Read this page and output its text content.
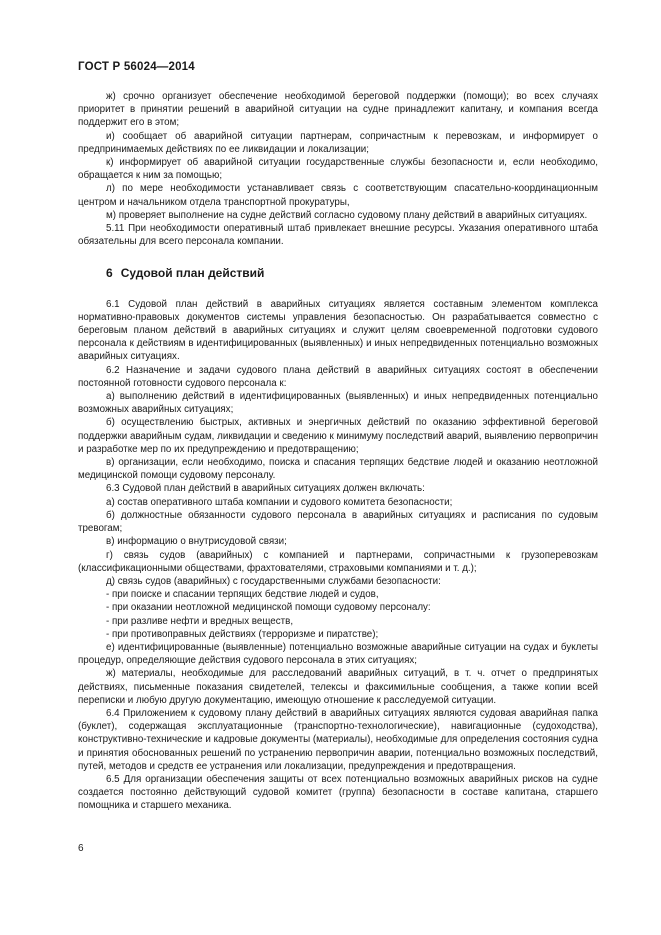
ГОСТ Р 56024—2014

ж) срочно организует обеспечение необходимой береговой поддержки (помощи); во всех случаях приоритет в принятии решений в аварийной ситуации на судне принадлежит капитану, и компания всегда поддержит его в этом;

и) сообщает об аварийной ситуации партнерам, сопричастным к перевозкам, и информирует о предпринимаемых действиях по ее ликвидации и локализации;

к) информирует об аварийной ситуации государственные службы безопасности и, если необходимо, обращается к ним за помощью;

л) по мере необходимости устанавливает связь с соответствующим спасательно-координационным центром и начальником отдела транспортной прокуратуры,

м) проверяет выполнение на судне действий согласно судовому плану действий в аварийных ситуациях.

5.11 При необходимости оперативный штаб привлекает внешние ресурсы. Указания оперативного штаба обязательны для всего персонала компании.

6 Судовой план действий

6.1 Судовой план действий в аварийных ситуациях является составным элементом комплекса нормативно-правовых документов системы управления безопасностью. Он разрабатывается совместно с береговым планом действий в аварийных ситуациях и служит целям своевременной подготовки судового персонала к действиям в идентифицированных (выявленных) и иных непредвиденных потенциально возможных аварийных ситуациях.

6.2 Назначение и задачи судового плана действий в аварийных ситуациях состоят в обеспечении постоянной готовности судового персонала к:

а) выполнению действий в идентифицированных (выявленных) и иных непредвиденных потенциально возможных аварийных ситуациях;

б) осуществлению быстрых, активных и энергичных действий по оказанию эффективной береговой поддержки аварийным судам, ликвидации и сведению к минимуму последствий аварий, выявлению первопричин и разработке мер по их предупреждению и предотвращению;

в) организации, если необходимо, поиска и спасания терпящих бедствие людей и оказанию неотложной медицинской помощи судовому персоналу.

6.3 Судовой план действий в аварийных ситуациях должен включать:

а) состав оперативного штаба компании и судового комитета безопасности;

б) должностные обязанности судового персонала в аварийных ситуациях и расписания по судовым тревогам;

в) информацию о внутрисудовой связи;

г) связь судов (аварийных) с компанией и партнерами, сопричастными к грузоперевозкам (классификационными обществами, фрахтователями, страховыми компаниями и т. д.);

д) связь судов (аварийных) с государственными службами безопасности:

- при поиске и спасании терпящих бедствие людей и судов,

- при оказании неотложной медицинской помощи судовому персоналу:

- при разливе нефти и вредных веществ,

- при противоправных действиях (терроризме и пиратстве);

е) идентифицированные (выявленные) потенциально возможные аварийные ситуации на судах и буклеты процедур, определяющие действия судового персонала в этих ситуациях;

ж) материалы, необходимые для расследований аварийных ситуаций, в т. ч. отчет о предпринятых действиях, письменные показания свидетелей, телексы и факсимильные сообщения, а также копии всей переписки и любую другую документацию, имеющую отношение к расследуемой ситуации.

6.4 Приложением к судовому плану действий в аварийных ситуациях являются судовая аварийная папка (буклет), содержащая эксплуатационные (транспортно-технологические), навигационные (судоходства), конструктивно-технические и кадровые документы (материалы), необходимые для определения состояния судна и принятия обоснованных решений по устранению первопричин аварии, потенциально возможных последствий, путей, методов и средств ее устранения или локализации, предупреждения и предотвращения.

6.5 Для организации обеспечения защиты от всех потенциально возможных аварийных рисков на судне создается постоянно действующий судовой комитет (группа) безопасности в составе капитана, старшего помощника и старшего механика.

6
